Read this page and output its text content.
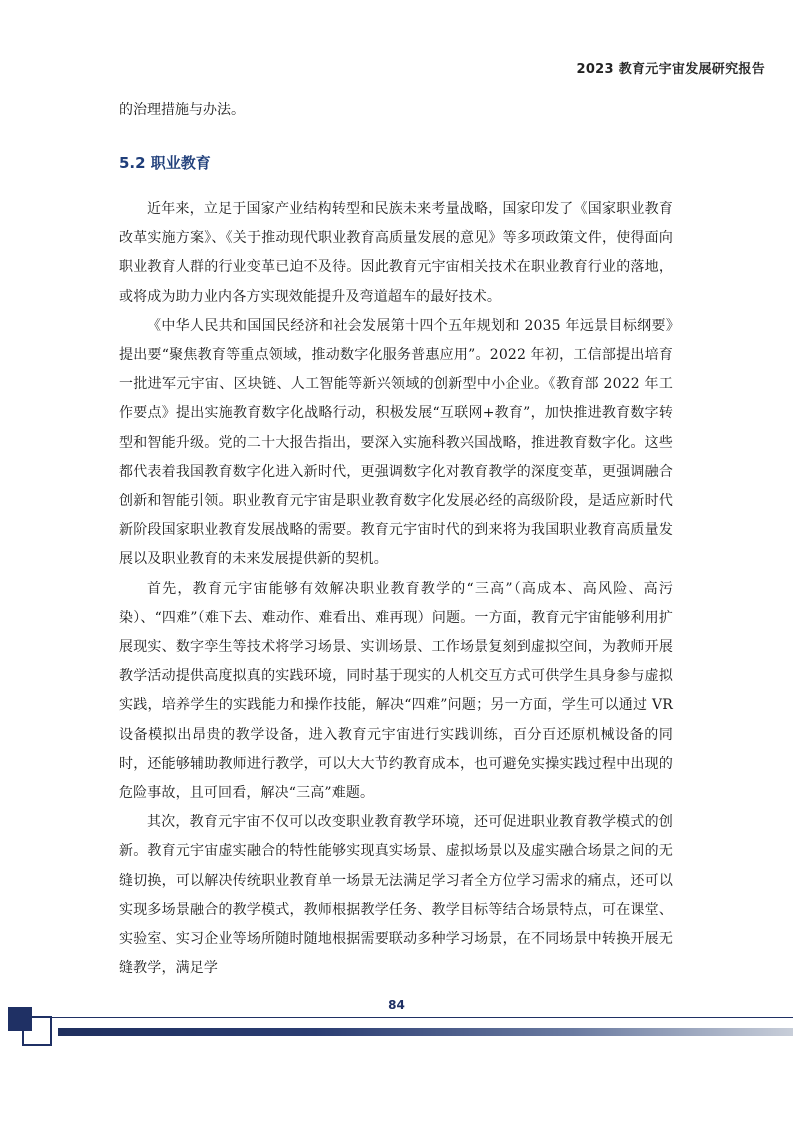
2023 教育元宇宙发展研究报告

的治理措施与办法。

5.2 职业教育

近年来，立足于国家产业结构转型和民族未来考量战略，国家印发了《国家职业教育改革实施方案》、《关于推动现代职业教育高质量发展的意见》等多项政策文件，使得面向职业教育人群的行业变革已迫不及待。因此教育元宇宙相关技术在职业教育行业的落地，或将成为助力业内各方实现效能提升及弯道超车的最好技术。

《中华人民共和国国民经济和社会发展第十四个五年规划和 2035 年远景目标纲要》提出要“聚焦教育等重点领域，推动数字化服务普惠应用”。2022 年初，工信部提出培育一批进军元宇宙、区块链、人工智能等新兴领域的创新型中小企业。《教育部 2022 年工作要点》提出实施教育数字化战略行动，积极发展“互联网+教育”，加快推进教育数字转型和智能升级。党的二十大报告指出，要深入实施科教兴国战略，推进教育数字化。这些都代表着我国教育数字化进入新时代，更强调数字化对教育教学的深度变革，更强调融合创新和智能引领。职业教育元宇宙是职业教育数字化发展必经的高级阶段，是适应新时代新阶段国家职业教育发展战略的需要。教育元宇宙时代的到来将为我国职业教育高质量发展以及职业教育的未来发展提供新的契机。

首先，教育元宇宙能够有效解决职业教育教学的“三高”（高成本、高风险、高污染）、“四难”（难下去、难动作、难看出、难再现）问题。一方面，教育元宇宙能够利用扩展现实、数字孪生等技术将学习场景、实训场景、工作场景复刻到虚拟空间，为教师开展教学活动提供高度拟真的实践环境，同时基于现实的人机交互方式可供学生具身参与虚拟实践，培养学生的实践能力和操作技能，解决“四难”问题；另一方面，学生可以通过 VR 设备模拟出昂贵的教学设备，进入教育元宇宙进行实践训练，百分百还原机械设备的同时，还能够辅助教师进行教学，可以大大节约教育成本，也可避免实操实践过程中出现的危险事故，且可回看，解决“三高”难题。

其次，教育元宇宙不仅可以改变职业教育教学环境，还可促进职业教育教学模式的创新。教育元宇宙虚实融合的特性能够实现真实场景、虚拟场景以及虚实融合场景之间的无缝切换，可以解决传统职业教育单一场景无法满足学习者全方位学习需求的痛点，还可以实现多场景融合的教学模式，教师根据教学任务、教学目标等结合场景特点，可在课堂、实验室、实习企业等场所随时随地根据需要联动多种学习场景，在不同场景中转换开展无缝教学，满足学

84
